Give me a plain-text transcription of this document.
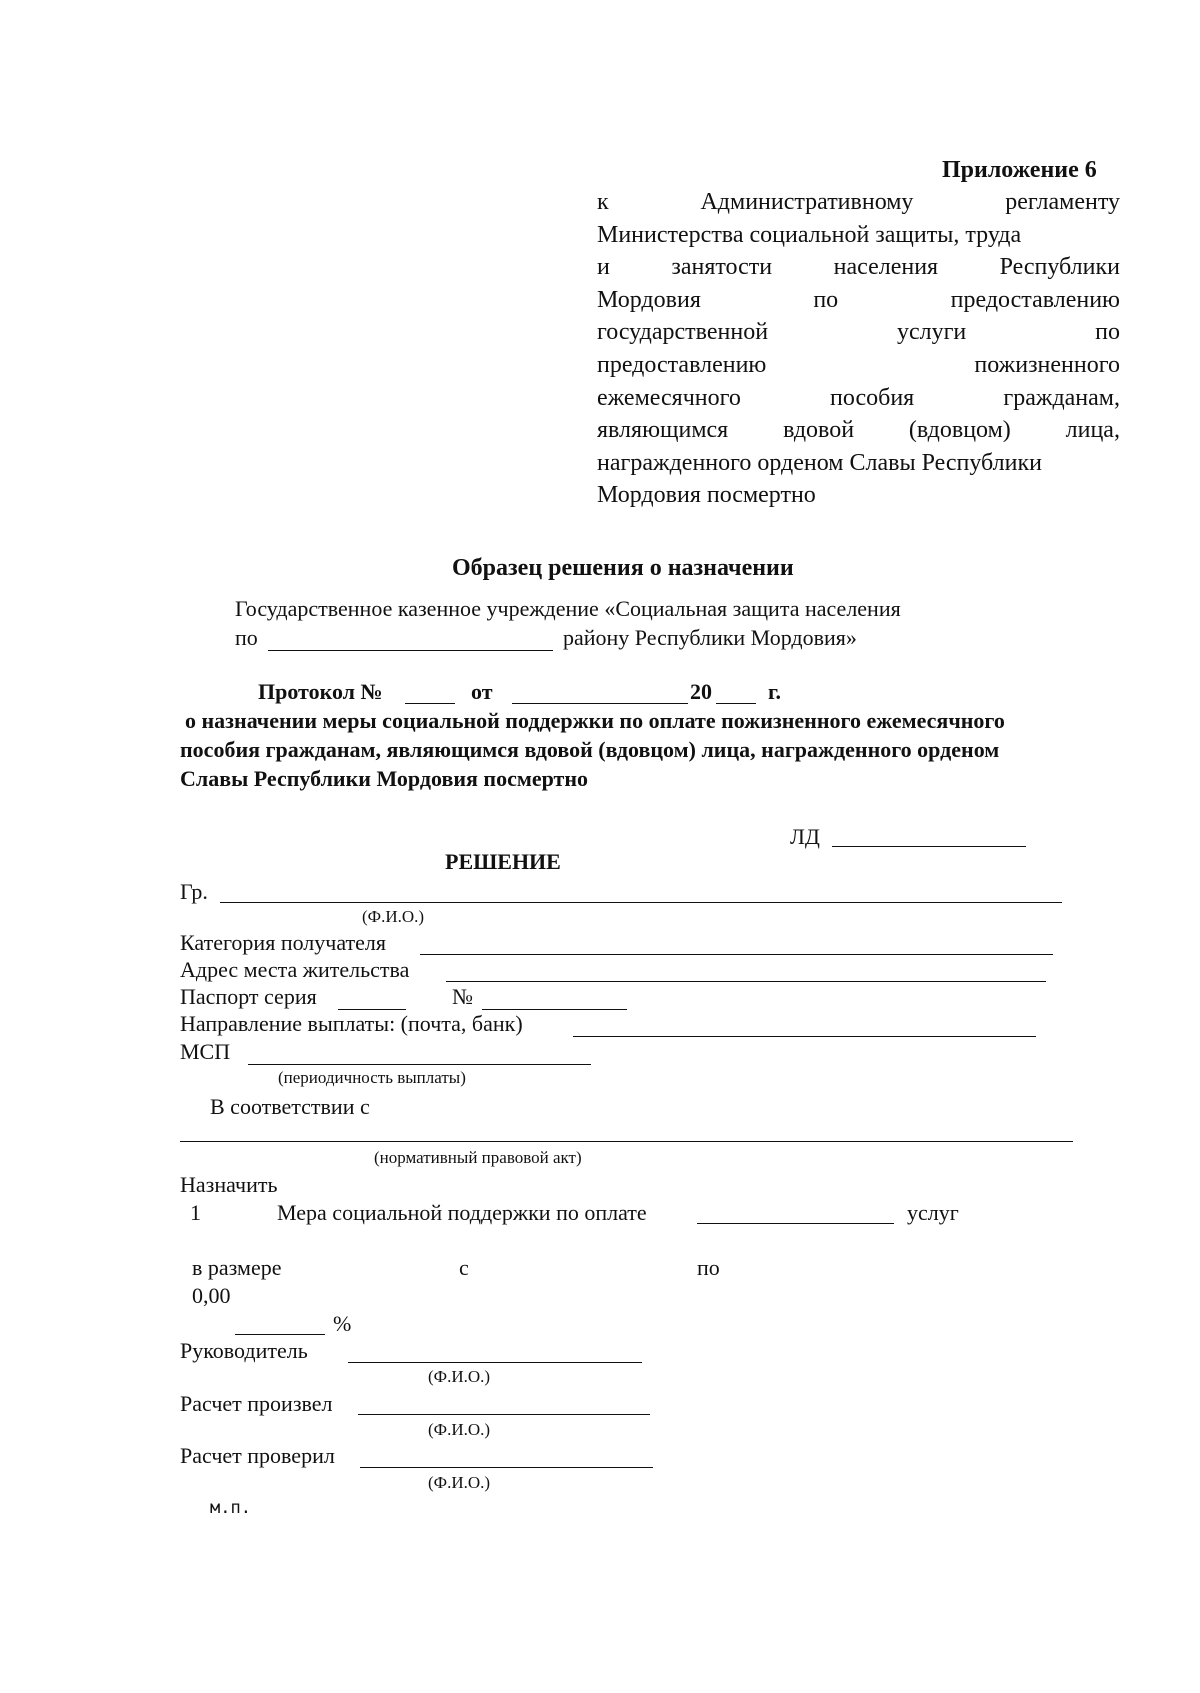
Приложение 6
к	Административному	регламенту
Министерства социальной защиты, труда
и	занятости	населения	Республики
Мордовия	по	предоставлению
государственной	услуги	по
предоставлению	пожизненного
ежемесячного	пособия	гражданам,
являющимся вдовой (вдовцом) лица,
награжденного орденом Славы Республики
Мордовия посмертно
Образец решения о назначении
Государственное казенное учреждение «Социальная защита населения
по	району Республики Мордовия»
Протокол №	от	20	г.
о назначении меры социальной поддержки по оплате пожизненного ежемесячного
пособия гражданам, являющимся вдовой (вдовцом) лица, награжденного орденом
Славы Республики Мордовия посмертно
ЛД
РЕШЕНИЕ
Гр.
(Ф.И.О.)
Категория получателя
Адрес места жительства
Паспорт серия	№
Направление выплаты: (почта, банк)
МСП
(периодичность выплаты)
В соответствии с
(нормативный правовой акт)
Назначить
1	Мера социальной поддержки по оплате	услуг
в размере	с	по
0,00
%
Руководитель
(Ф.И.О.)
Расчет произвел
(Ф.И.О.)
Расчет проверил
(Ф.И.О.)
м.п.
